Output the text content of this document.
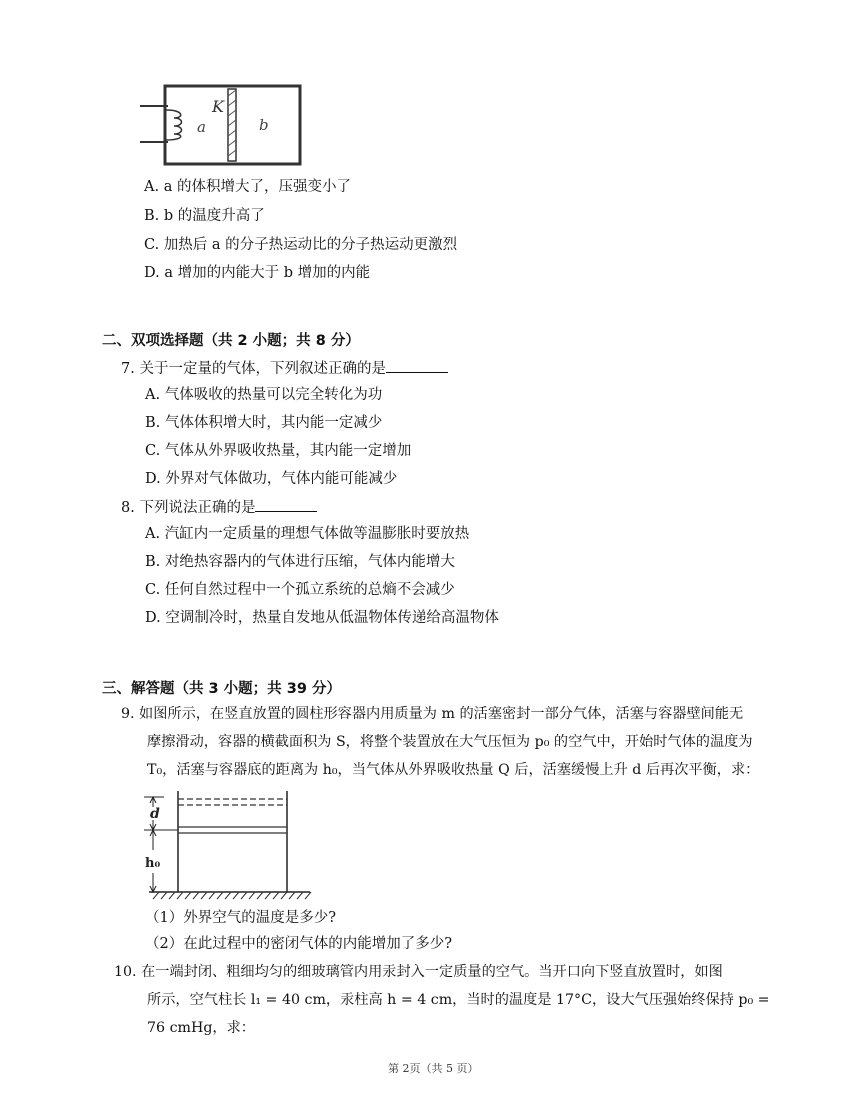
K
a	b
A. a 的体积增大了，压强变小了
B. b 的温度升高了
C. 加热后 a 的分子热运动比的分子热运动更激烈
D. a 增加的内能大于 b 增加的内能
二、双项选择题（共 2 小题；共 8 分）
7. 关于一定量的气体，下列叙述正确的是
A. 气体吸收的热量可以完全转化为功
B. 气体体积增大时，其内能一定减少
C. 气体从外界吸收热量，其内能一定增加
D. 外界对气体做功，气体内能可能减少
8. 下列说法正确的是
A. 汽缸内一定质量的理想气体做等温膨胀时要放热
B. 对绝热容器内的气体进行压缩，气体内能增大
C. 任何自然过程中一个孤立系统的总熵不会减少
D. 空调制冷时，热量自发地从低温物体传递给高温物体
三、解答题（共 3 小题；共 39 分）
9. 如图所示，在竖直放置的圆柱形容器内用质量为 m 的活塞密封一部分气体，活塞与容器壁间能无
摩擦滑动，容器的横截面积为 S，将整个装置放在大气压恒为 p₀ 的空气中，开始时气体的温度为
T₀，活塞与容器底的距离为 h₀，当气体从外界吸收热量 Q 后，活塞缓慢上升 d 后再次平衡，求：
d
h₀
（1）外界空气的温度是多少?
（2）在此过程中的密闭气体的内能增加了多少?
10. 在一端封闭、粗细均匀的细玻璃管内用汞封入一定质量的空气。当开口向下竖直放置时，如图
所示，空气柱长 l₁ = 40 cm，汞柱高 h = 4 cm，当时的温度是 17°C，设大气压强始终保持 p₀ =
76 cmHg，求：
第 2页（共 5 页）
